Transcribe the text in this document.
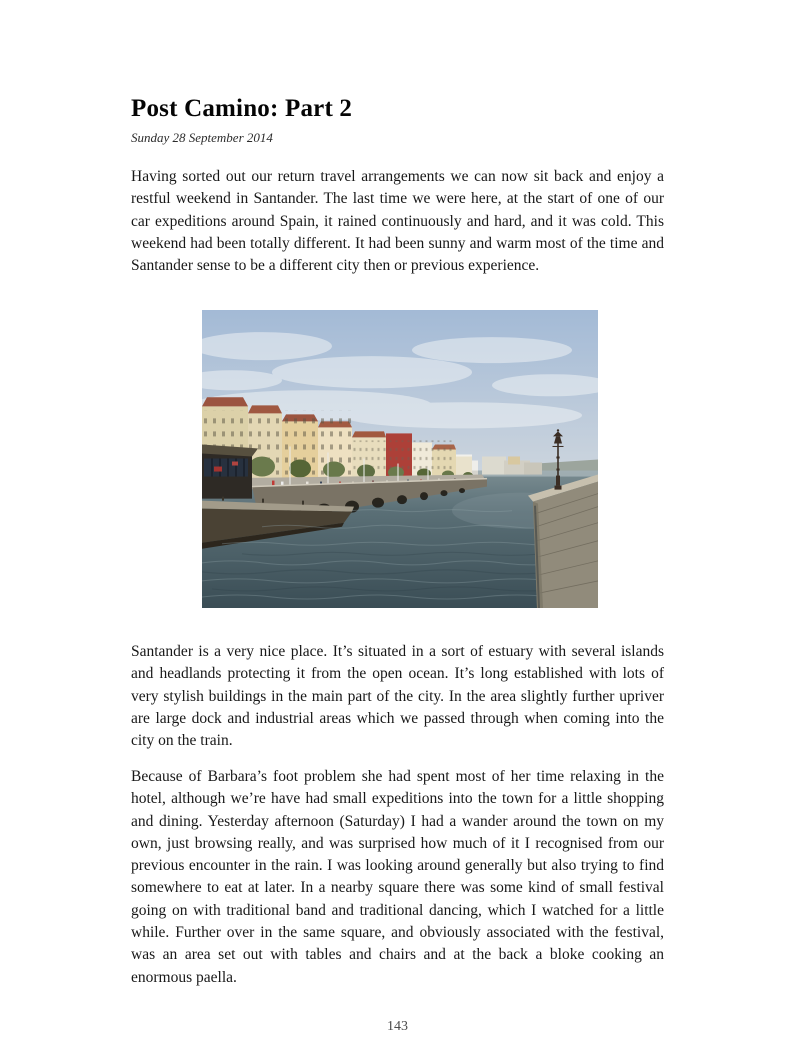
Post Camino: Part 2
Sunday 28 September 2014

Having sorted out our return travel arrangements we can now sit back and enjoy a restful weekend in Santander. The last time we were here, at the start of one of our car expeditions around Spain, it rained continuously and hard, and it was cold. This weekend had been totally different. It had been sunny and warm most of the time and Santander sense to be a different city then or previous experience.

Santander is a very nice place. It’s situated in a sort of estuary with several islands and headlands protecting it from the open ocean. It’s long established with lots of very stylish buildings in the main part of the city. In the area slightly further upriver are large dock and industrial areas which we passed through when coming into the city on the train.

Because of Barbara’s foot problem she had spent most of her time relaxing in the hotel, although we’re have had small expeditions into the town for a little shopping and dining. Yesterday afternoon (Saturday) I had a wander around the town on my own, just browsing really, and was surprised how much of it I recognised from our previous encounter in the rain. I was looking around generally but also trying to find somewhere to eat at later. In a nearby square there was some kind of small festival going on with traditional band and traditional dancing, which I watched for a little while. Further over in the same square, and obviously associated with the festival, was an area set out with tables and chairs and at the back a bloke cooking an enormous paella.

143
